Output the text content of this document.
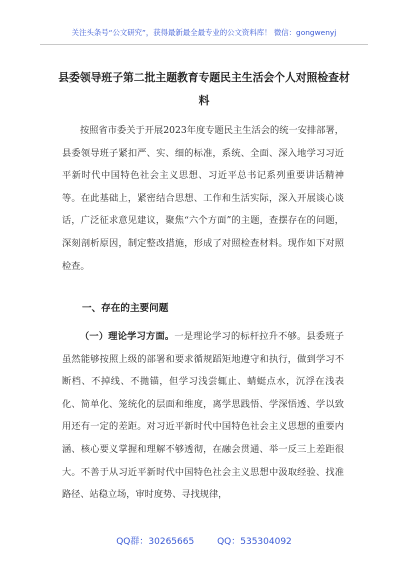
关注头条号“公文研究”，获得最新最全最专业的公文资料库！ 微信：gongwenyj
县委领导班子第二批主题教育专题民主生活会个人对照检查材料
按照省市委关于开展2023年度专题民主生活会的统一安排部署，县委领导班子紧扣严、实、细的标准，系统、全面、深入地学习习近平新时代中国特色社会主义思想、习近平总书记系列重要讲话精神等。在此基础上，紧密结合思想、工作和生活实际，深入开展谈心谈话，广泛征求意见建议，聚焦“六个方面”的主题，查摆存在的问题，深刻剖析原因，制定整改措施，形成了对照检查材料。现作如下对照检查。
一、存在的主要问题
（一）理论学习方面。一是理论学习的标杆拉升不够。县委班子虽然能够按照上级的部署和要求循规蹈矩地遵守和执行，做到学习不断档、不掉线、不拋锚，但学习浅尝辄止、蜻蜓点水，沉浮在浅表化、简单化、笼统化的层面和维度，离学思践悟、学深悟透、学以致用还有一定的差距。对习近平新时代中国特色社会主义思想的重要内涵、核心要义掌握和理解不够透彻，在融会贯通、举一反三上差距很大。不善于从习近平新时代中国特色社会主义思想中汲取经验、找准路径、站稳立场，审时度势、寻找规律，
QQ群：30265665	QQ：535304092
